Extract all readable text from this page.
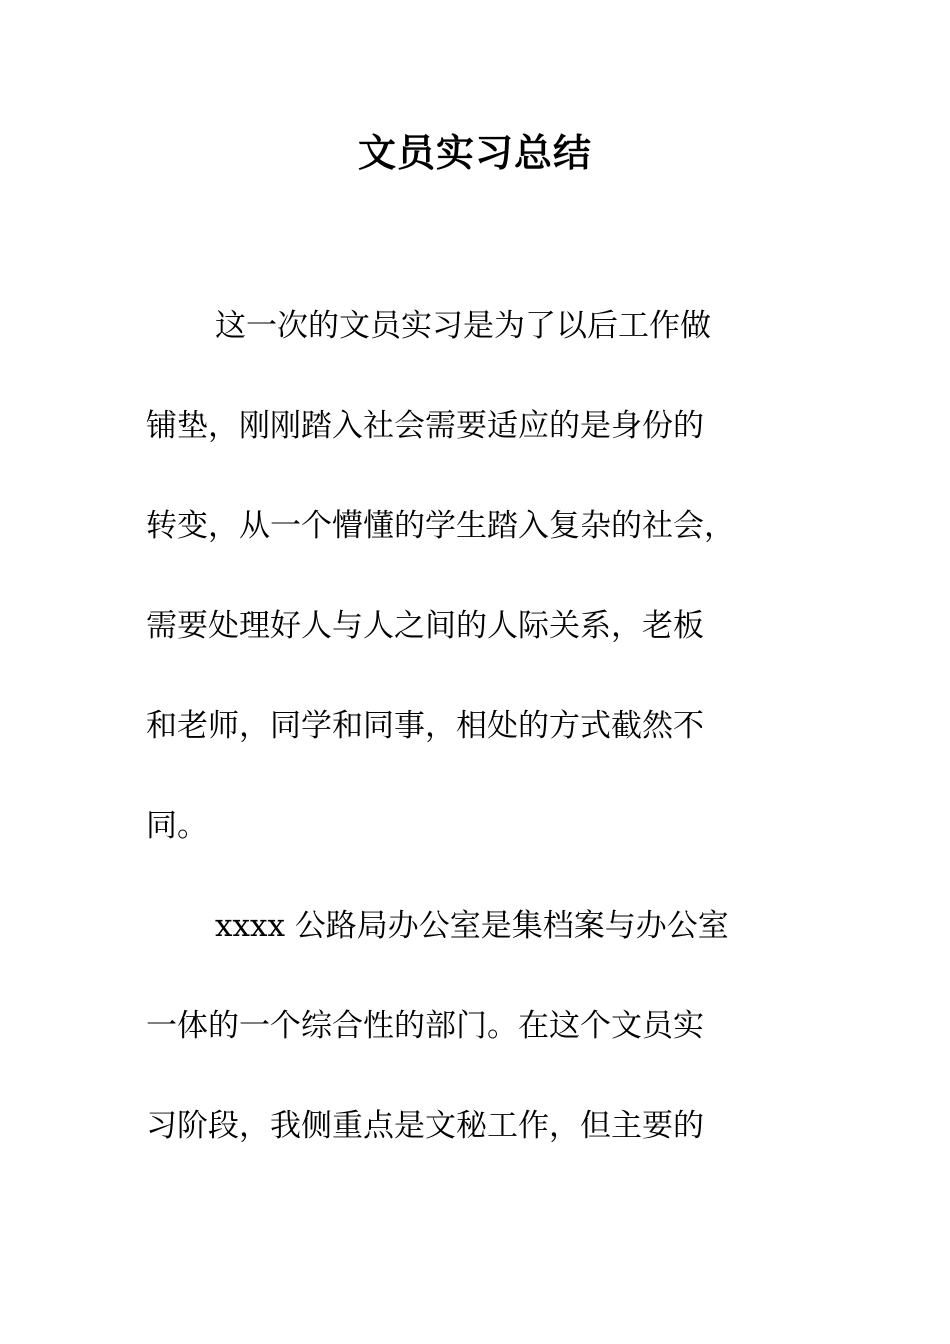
文员实习总结
这一次的文员实习是为了以后工作做
铺垫，刚刚踏入社会需要适应的是身份的
转变，从一个懵懂的学生踏入复杂的社会，
需要处理好人与人之间的人际关系，老板
和老师，同学和同事，相处的方式截然不
同。
xxxx 公路局办公室是集档案与办公室
一体的一个综合性的部门。在这个文员实
习阶段，我侧重点是文秘工作，但主要的
